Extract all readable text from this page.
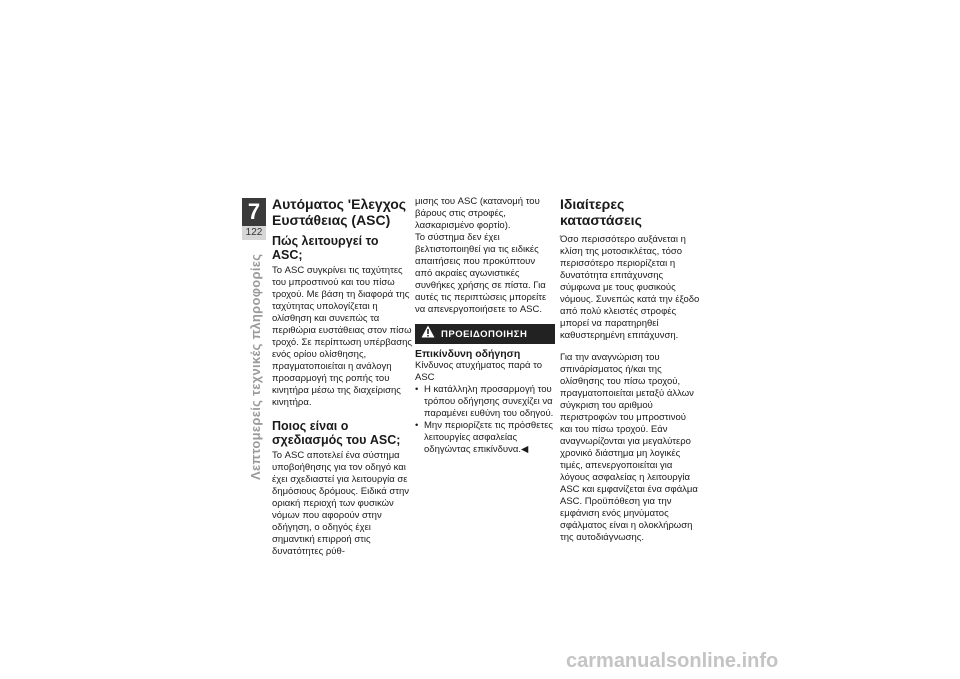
7
122
Λεπτομερείς τεχνικές πληροφορίες
Αυτόματος 'Ελεγχος Ευστάθειας (ASC)
Πώς λειτουργεί το ASC;

Το ASC συγκρίνει τις ταχύτητες του μπροστινού και του πίσω τροχού. Με βάση τη διαφορά της ταχύτητας υπολογίζεται η ολίσθηση και συνεπώς τα περιθώρια ευστάθειας στον πίσω τροχό. Σε περίπτωση υπέρβασης ενός ορίου ολίσθησης, πραγματοποιείται η ανάλογη προσαρμογή της ροπής του κινητήρα μέσω της διαχείρισης κινητήρα.

Ποιος είναι ο σχεδιασμός του ASC;

Το ASC αποτελεί ένα σύστημα υποβοήθησης για τον οδηγό και έχει σχεδιαστεί για λειτουργία σε δημόσιους δρόμους. Ειδικά στην οριακή περιοχή των φυσικών νόμων που αφορούν στην οδήγηση, ο οδηγός έχει σημαντική επιρροή στις δυνατότητες ρύθ-

μισης του ASC (κατανομή του βάρους στις στροφές, λασκαρισμένο φορτίο).

Το σύστημα δεν έχει βελτιστοποιηθεί για τις ειδικές απαιτήσεις που προκύπτουν από ακραίες αγωνιστικές συνθήκες χρήσης σε πίστα. Για αυτές τις περιπτώσεις μπορείτε να απενεργοποιήσετε το ASC.

ΠΡΟΕΙΔΟΠΟΙΗΣΗ
Επικίνδυνη οδήγηση

Κίνδυνος ατυχήματος παρά το ASC

• Η κατάλληλη προσαρμογή του τρόπου οδήγησης συνεχίζει να παραμένει ευθύνη του οδηγού.
• Μην περιορίζετε τις πρόσθετες λειτουργίες ασφαλείας οδηγώντας επικίνδυνα.◀
Ιδιαίτερες καταστάσεις

Όσο περισσότερο αυξάνεται η κλίση της μοτοσικλέτας, τόσο περισσότερο περιορίζεται η δυνατότητα επιτάχυνσης σύμφωνα με τους φυσικούς νόμους. Συνεπώς κατά την έξοδο από πολύ κλειστές στροφές μπορεί να παρατηρηθεί καθυστερημένη επιτάχυνση.

Για την αναγνώριση του σπινάρίσματος ή/και της ολίσθησης του πίσω τροχού, πραγματοποιείται μεταξύ άλλων σύγκριση του αριθμού περιστροφών του μπροστινού και του πίσω τροχού. Εάν αναγνωρίζονται για μεγαλύτερο χρονικό διάστημα μη λογικές τιμές, απενεργοποιείται για λόγους ασφαλείας η λειτουργία ASC και εμφανίζεται ένα σφάλμα ASC. Προϋπόθεση για την εμφάνιση ενός μηνύματος σφάλματος είναι η ολοκλήρωση της αυτοδιάγνωσης.

carmanualsonline.info
